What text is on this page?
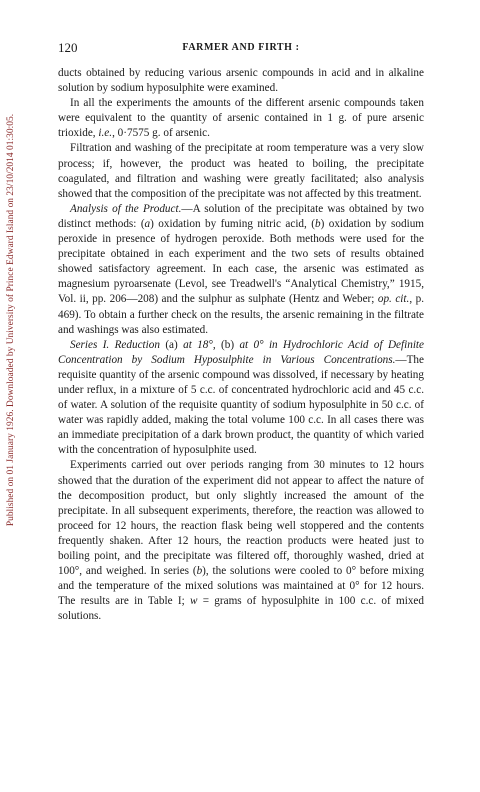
Published on 01 January 1926. Downloaded by University of Prince Edward Island on 23/10/2014 01:30:05.
120	FARMER AND FIRTH :

ducts obtained by reducing various arsenic compounds in acid and in alkaline solution by sodium hyposulphite were examined.

In all the experiments the amounts of the different arsenic compounds taken were equivalent to the quantity of arsenic contained in 1 g. of pure arsenic trioxide, i.e., 0·7575 g. of arsenic.

Filtration and washing of the precipitate at room temperature was a very slow process; if, however, the product was heated to boiling, the precipitate coagulated, and filtration and washing were greatly facilitated; also analysis showed that the composition of the precipitate was not affected by this treatment.

Analysis of the Product.—A solution of the precipitate was obtained by two distinct methods: (a) oxidation by fuming nitric acid, (b) oxidation by sodium peroxide in presence of hydrogen peroxide. Both methods were used for the precipitate obtained in each experiment and the two sets of results obtained showed satisfactory agreement. In each case, the arsenic was estimated as magnesium pyroarsenate (Levol, see Treadwell's “Analytical Chemistry,” 1915, Vol. ii, pp. 206—208) and the sulphur as sulphate (Hentz and Weber; op. cit., p. 469). To obtain a further check on the results, the arsenic remaining in the filtrate and washings was also estimated.

Series I. Reduction (a) at 18°, (b) at 0° in Hydrochloric Acid of Definite Concentration by Sodium Hyposulphite in Various Concentrations.—The requisite quantity of the arsenic compound was dissolved, if necessary by heating under reflux, in a mixture of 5 c.c. of concentrated hydrochloric acid and 45 c.c. of water. A solution of the requisite quantity of sodium hyposulphite in 50 c.c. of water was rapidly added, making the total volume 100 c.c. In all cases there was an immediate precipitation of a dark brown product, the quantity of which varied with the concentration of hyposulphite used.

Experiments carried out over periods ranging from 30 minutes to 12 hours showed that the duration of the experiment did not appear to affect the nature of the decomposition product, but only slightly increased the amount of the precipitate. In all subsequent experiments, therefore, the reaction was allowed to proceed for 12 hours, the reaction flask being well stoppered and the contents frequently shaken. After 12 hours, the reaction products were heated just to boiling point, and the precipitate was filtered off, thoroughly washed, dried at 100°, and weighed. In series (b), the solutions were cooled to 0° before mixing and the temperature of the mixed solutions was maintained at 0° for 12 hours. The results are in Table I; w = grams of hyposulphite in 100 c.c. of mixed solutions.
